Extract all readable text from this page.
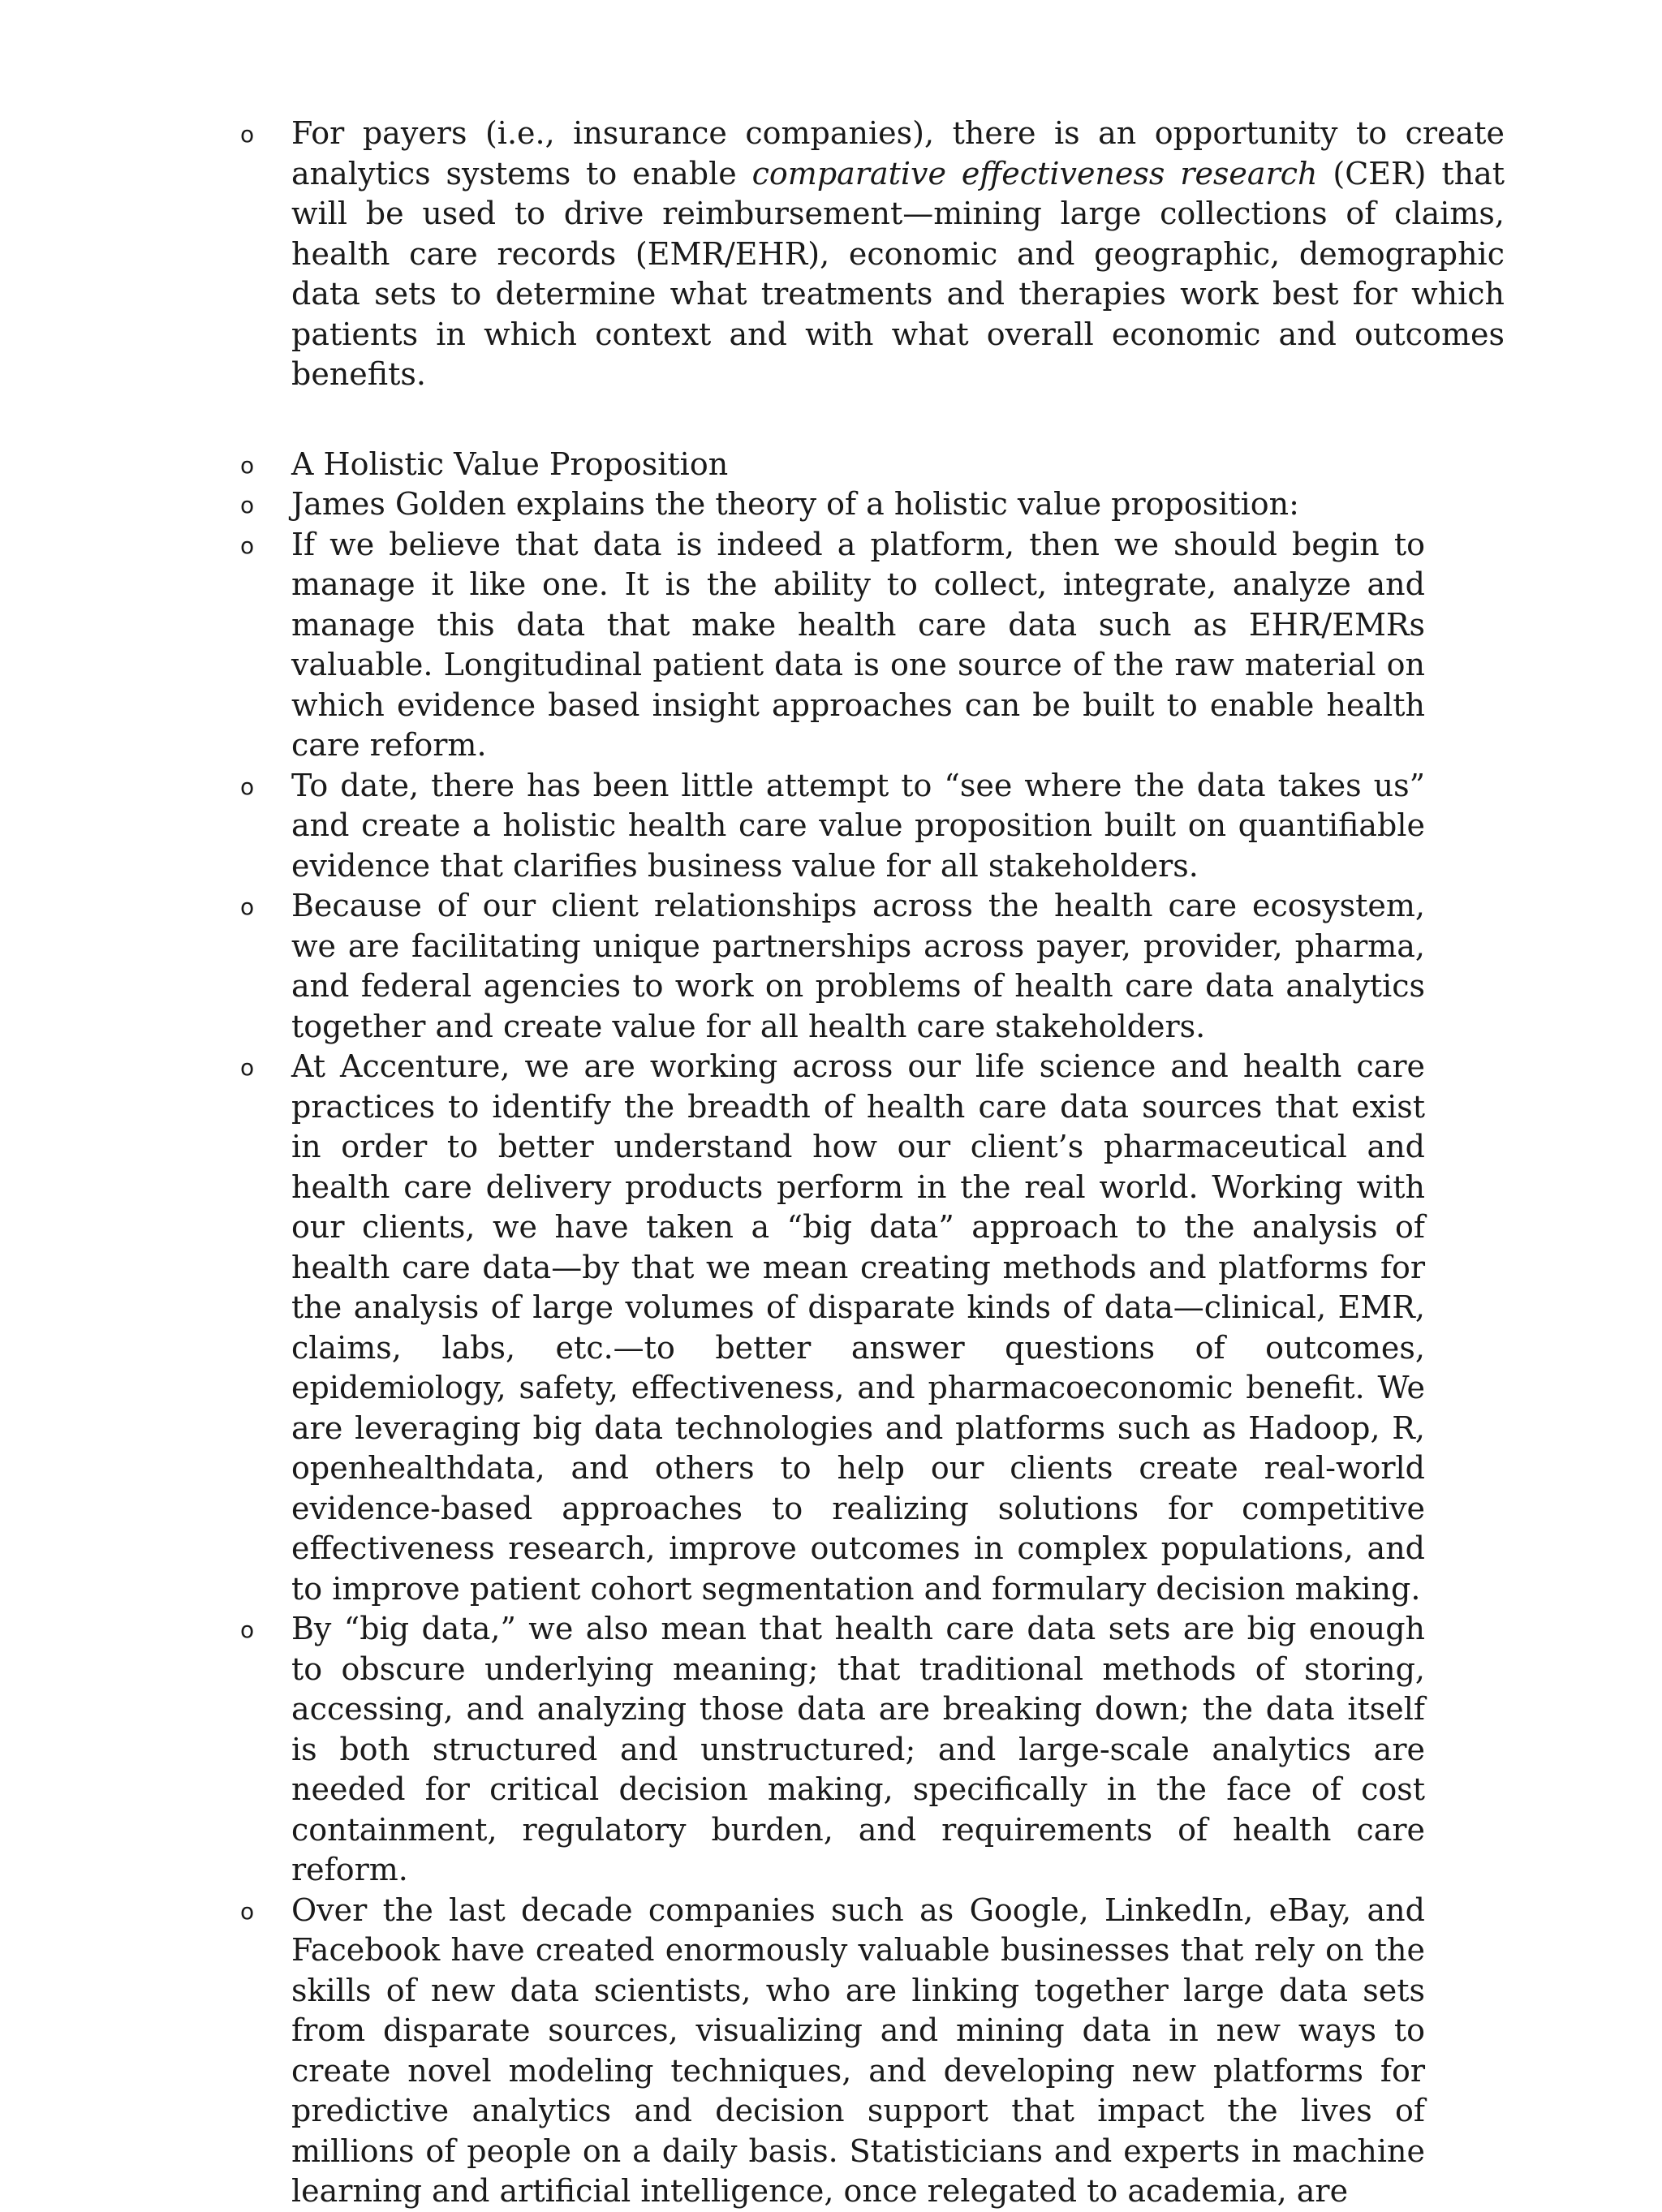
o For payers (i.e., insurance companies), there is an opportunity to create analytics systems to enable comparative effectiveness research (CER) that will be used to drive reimbursement—mining large collections of claims, health care records (EMR/EHR), economic and geographic, demographic data sets to determine what treatments and therapies work best for which patients in which context and with what overall economic and outcomes benefits.
o A Holistic Value Proposition
o James Golden explains the theory of a holistic value proposition:
o If we believe that data is indeed a platform, then we should begin to manage it like one. It is the ability to collect, integrate, analyze and manage this data that make health care data such as EHR/EMRs valuable. Longitudinal patient data is one source of the raw material on which evidence based insight approaches can be built to enable health care reform.
o To date, there has been little attempt to “see where the data takes us” and create a holistic health care value proposition built on quantifiable evidence that clarifies business value for all stakeholders.
o Because of our client relationships across the health care ecosystem, we are facilitating unique partnerships across payer, provider, pharma, and federal agencies to work on problems of health care data analytics together and create value for all health care stakeholders.
o At Accenture, we are working across our life science and health care practices to identify the breadth of health care data sources that exist in order to better understand how our client’s pharmaceutical and health care delivery products perform in the real world. Working with our clients, we have taken a “big data” approach to the analysis of health care data—by that we mean creating methods and platforms for the analysis of large volumes of disparate kinds of data—clinical, EMR, claims, labs, etc.—to better answer questions of outcomes, epidemiology, safety, effectiveness, and pharmacoeconomic benefit. We are leveraging big data technologies and platforms such as Hadoop, R, openhealthdata, and others to help our clients create real-world evidence-based approaches to realizing solutions for competitive effectiveness research, improve outcomes in complex populations, and to improve patient cohort segmentation and formulary decision making.
o By “big data,” we also mean that health care data sets are big enough to obscure underlying meaning; that traditional methods of storing, accessing, and analyzing those data are breaking down; the data itself is both structured and unstructured; and large-scale analytics are needed for critical decision making, specifically in the face of cost containment, regulatory burden, and requirements of health care reform.
o Over the last decade companies such as Google, LinkedIn, eBay, and Facebook have created enormously valuable businesses that rely on the skills of new data scientists, who are linking together large data sets from disparate sources, visualizing and mining data in new ways to create novel modeling techniques, and developing new platforms for predictive analytics and decision support that impact the lives of millions of people on a daily basis. Statisticians and experts in machine learning and artificial intelligence, once relegated to academia, are
